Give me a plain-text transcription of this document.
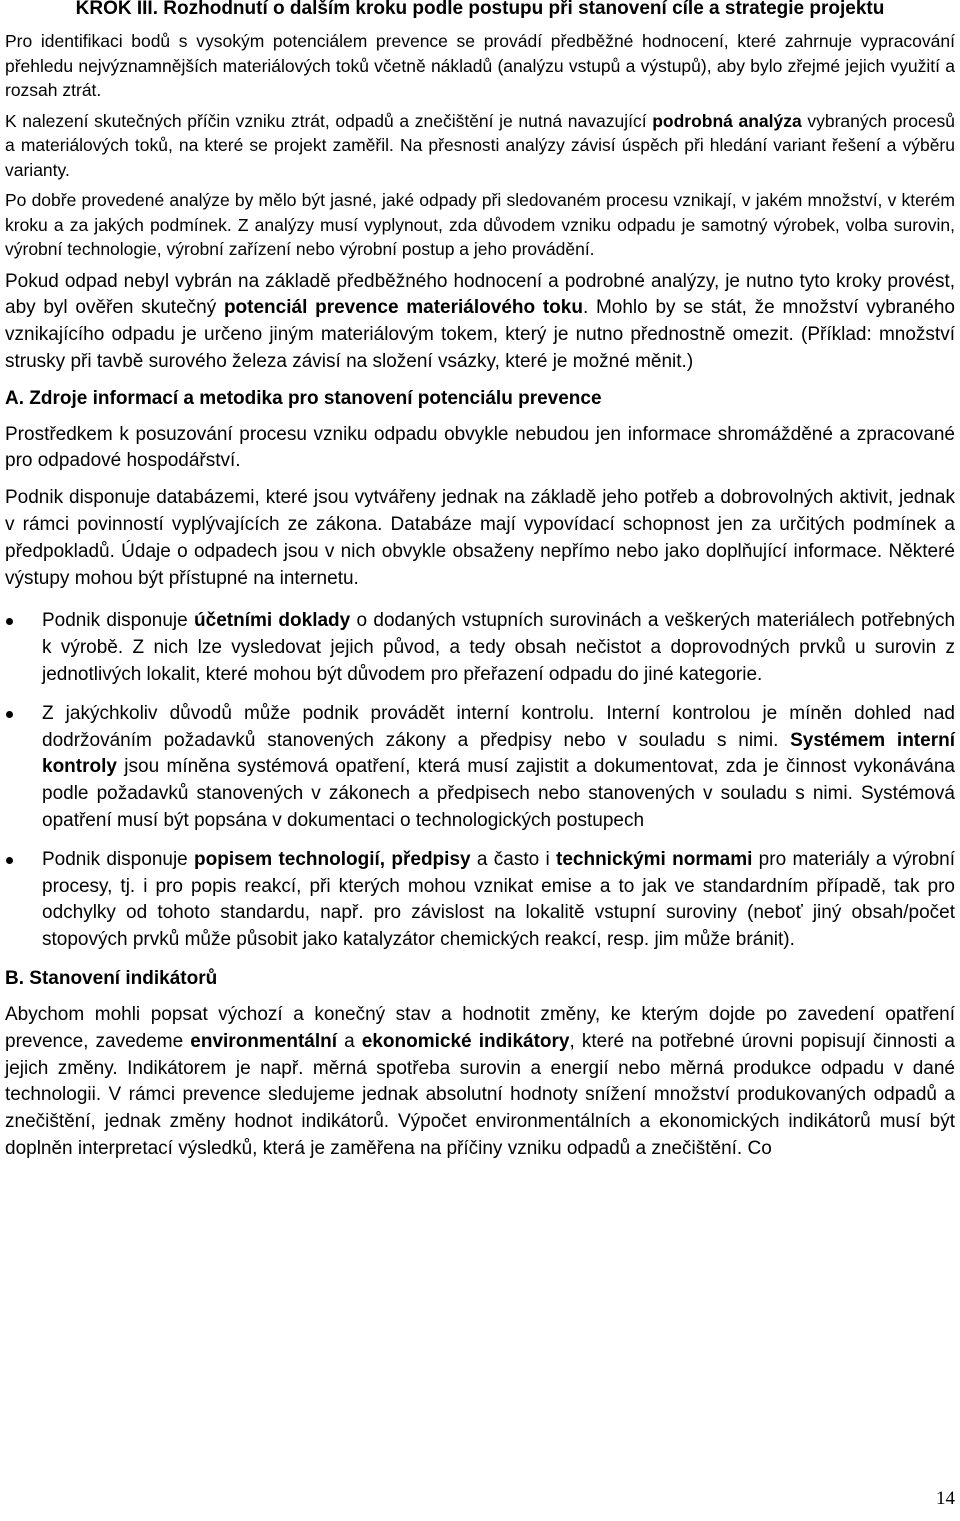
KROK III. Rozhodnutí o dalším kroku podle postupu při stanovení cíle a strategie projektu

Pro identifikaci bodů s vysokým potenciálem prevence se provádí předběžné hodnocení, které zahrnuje vypracování přehledu nejvýznamnějších materiálových toků včetně nákladů (analýzu vstupů a výstupů), aby bylo zřejmé jejich využití a rozsah ztrát.

K nalezení skutečných příčin vzniku ztrát, odpadů a znečištění je nutná navazující podrobná analýza vybraných procesů a materiálových toků, na které se projekt zaměřil. Na přesnosti analýzy závisí úspěch při hledání variant řešení a výběru varianty.

Po dobře provedené analýze by mělo být jasné, jaké odpady při sledovaném procesu vznikají, v jakém množství, v kterém kroku a za jakých podmínek. Z analýzy musí vyplynout, zda důvodem vzniku odpadu je samotný výrobek, volba surovin, výrobní technologie, výrobní zařízení nebo výrobní postup a jeho provádění.

Pokud odpad nebyl vybrán na základě předběžného hodnocení a podrobné analýzy, je nutno tyto kroky provést, aby byl ověřen skutečný potenciál prevence materiálového toku. Mohlo by se stát, že množství vybraného vznikajícího odpadu je určeno jiným materiálovým tokem, který je nutno přednostně omezit. (Příklad: množství strusky při tavbě surového železa závisí na složení vsázky, které je možné měnit.)

A. Zdroje informací a metodika pro stanovení potenciálu prevence

Prostředkem k posuzování procesu vzniku odpadu obvykle nebudou jen informace shromážděné a zpracované pro odpadové hospodářství.

Podnik disponuje databázemi, které jsou vytvářeny jednak na základě jeho potřeb a dobrovolných aktivit, jednak v rámci povinností vyplývajících ze zákona. Databáze mají vypovídací schopnost jen za určitých podmínek a předpokladů. Údaje o odpadech jsou v nich obvykle obsaženy nepřímo nebo jako doplňující informace. Některé výstupy mohou být přístupné na internetu.

Podnik disponuje účetními doklady o dodaných vstupních surovinách a veškerých materiálech potřebných k výrobě. Z nich lze vysledovat jejich původ, a tedy obsah nečistot a doprovodných prvků u surovin z jednotlivých lokalit, které mohou být důvodem pro přeřazení odpadu do jiné kategorie.
Z jakýchkoliv důvodů může podnik provádět interní kontrolu. Interní kontrolou je míněn dohled nad dodržováním požadavků stanovených zákony a předpisy nebo v souladu s nimi. Systémem interní kontroly jsou míněna systémová opatření, která musí zajistit a dokumentovat, zda je činnost vykonávána podle požadavků stanovených v zákonech a předpisech nebo stanovených v souladu s nimi. Systémová opatření musí být popsána v dokumentaci o technologických postupech
Podnik disponuje popisem technologií, předpisy a často i technickými normami pro materiály a výrobní procesy, tj. i pro popis reakcí, při kterých mohou vznikat emise a to jak ve standardním případě, tak pro odchylky od tohoto standardu, např. pro závislost na lokalitě vstupní suroviny (neboť jiný obsah/počet stopových prvků může působit jako katalyzátor chemických reakcí, resp. jim může bránit).
B. Stanovení indikátorů

Abychom mohli popsat výchozí a konečný stav a hodnotit změny, ke kterým dojde po zavedení opatření prevence, zavedeme environmentální a ekonomické indikátory, které na potřebné úrovni popisují činnosti a jejich změny. Indikátorem je např. měrná spotřeba surovin a energií nebo měrná produkce odpadu v dané technologii. V rámci prevence sledujeme jednak absolutní hodnoty snížení množství produkovaných odpadů a znečištění, jednak změny hodnot indikátorů. Výpočet environmentálních a ekonomických indikátorů musí být doplněn interpretací výsledků, která je zaměřena na příčiny vzniku odpadů a znečištění. Co

14
